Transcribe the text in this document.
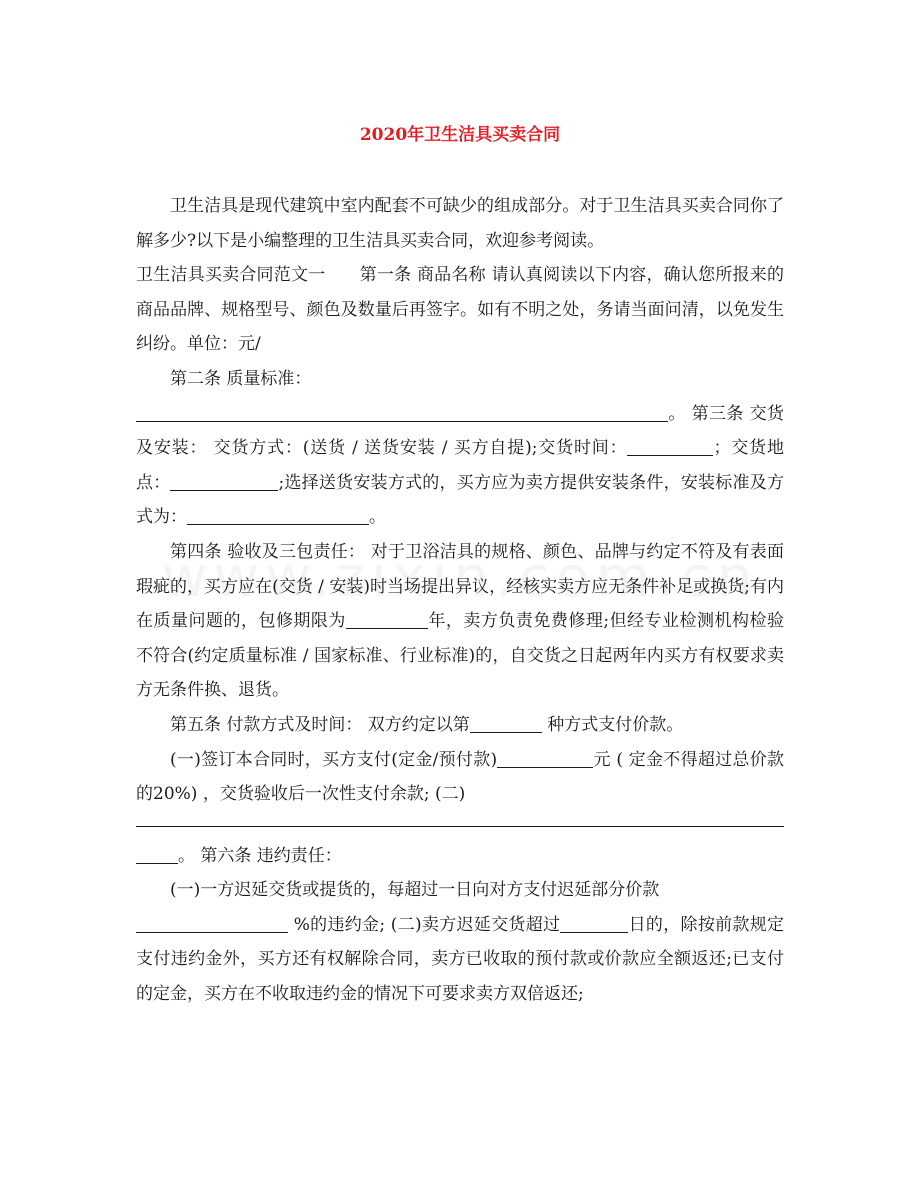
2020年卫生洁具买卖合同

卫生洁具是现代建筑中室内配套不可缺少的组成部分。对于卫生洁具买卖合同你了解多少?以下是小编整理的卫生洁具买卖合同，欢迎参考阅读。

卫生洁具买卖合同范文一 第一条 商品名称 请认真阅读以下内容，确认您所报来的商品品牌、规格型号、颜色及数量后再签字。如有不明之处，务请当面问清，以免发生纠纷。单位：元/

第二条 质量标准：

。 第三条 交货及安装： 交货方式：(送货 / 送货安装 / 买方自提);交货时间：	；交货地点：	;选择送货安装方式的，买方应为卖方提供安装条件，安装标准及方式为：	。

第四条 验收及三包责任： 对于卫浴洁具的规格、颜色、品牌与约定不符及有表面瑕疵的，买方应在(交货 / 安装)时当场提出异议，经核实卖方应无条件补足或换货;有内在质量问题的，包修期限为	年，卖方负责免费修理;但经专业检测机构检验不符合(约定质量标准 / 国家标准、行业标准)的，自交货之日起两年内买方有权要求卖方无条件换、退货。

第五条 付款方式及时间： 双方约定以第	种方式支付价款。

(一)签订本合同时，买方支付(定金/预付款)	元 ( 定金不得超过总价款的20%) ，交货验收后一次性支付余款; (二)

。 第六条 违约责任：

(一)一方迟延交货或提货的，每超过一日向对方支付迟延部分价款

%的违约金; (二)卖方迟延交货超过	日的，除按前款规定支付违约金外，买方还有权解除合同，卖方已收取的预付款或价款应全额返还;已支付的定金，买方在不收取违约金的情况下可要求卖方双倍返还;
